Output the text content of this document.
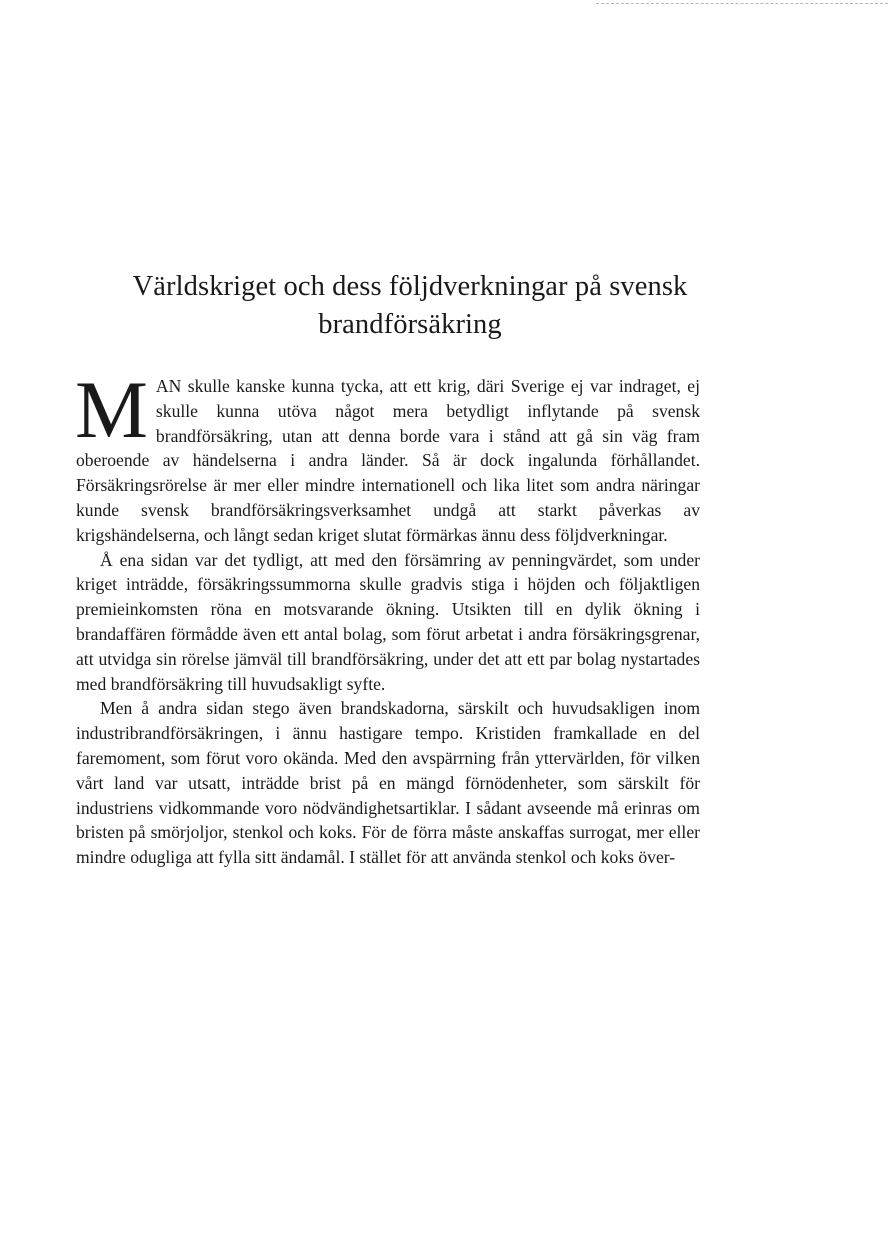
Världskriget och dess följdverkningar på svensk
brandförsäkring

MAN skulle kanske kunna tycka, att ett krig, däri Sverige ej var indraget, ej skulle kunna utöva något mera betydligt inflytande på svensk brandförsäkring, utan att denna borde vara i stånd att gå sin väg fram oberoende av händelserna i andra länder. Så är dock ingalunda förhållandet. Försäkringsrörelse är mer eller mindre internationell och lika litet som andra näringar kunde svensk brandförsäkringsverksamhet undgå att starkt påverkas av krigshändelserna, och långt sedan kriget slutat förmärkas ännu dess följdverkningar.

Å ena sidan var det tydligt, att med den försämring av penningvärdet, som under kriget inträdde, försäkringssummorna skulle gradvis stiga i höjden och följaktligen premieinkomsten röna en motsvarande ökning. Utsikten till en dylik ökning i brandaffären förmådde även ett antal bolag, som förut arbetat i andra försäkringsgrenar, att utvidga sin rörelse jämväl till brandförsäkring, under det att ett par bolag nystartades med brandförsäkring till huvudsakligt syfte.

Men å andra sidan stego även brandskadorna, särskilt och huvudsakligen inom industribrandförsäkringen, i ännu hastigare tempo. Kristiden framkallade en del faremoment, som förut voro okända. Med den avspärrning från yttervärlden, för vilken vårt land var utsatt, inträdde brist på en mängd förnödenheter, som särskilt för industriens vidkommande voro nödvändighetsartiklar. I sådant avseende må erinras om bristen på smörjoljor, stenkol och koks. För de förra måste anskaffas surrogat, mer eller mindre odugliga att fylla sitt ändamål. I stället för att använda stenkol och koks över-
